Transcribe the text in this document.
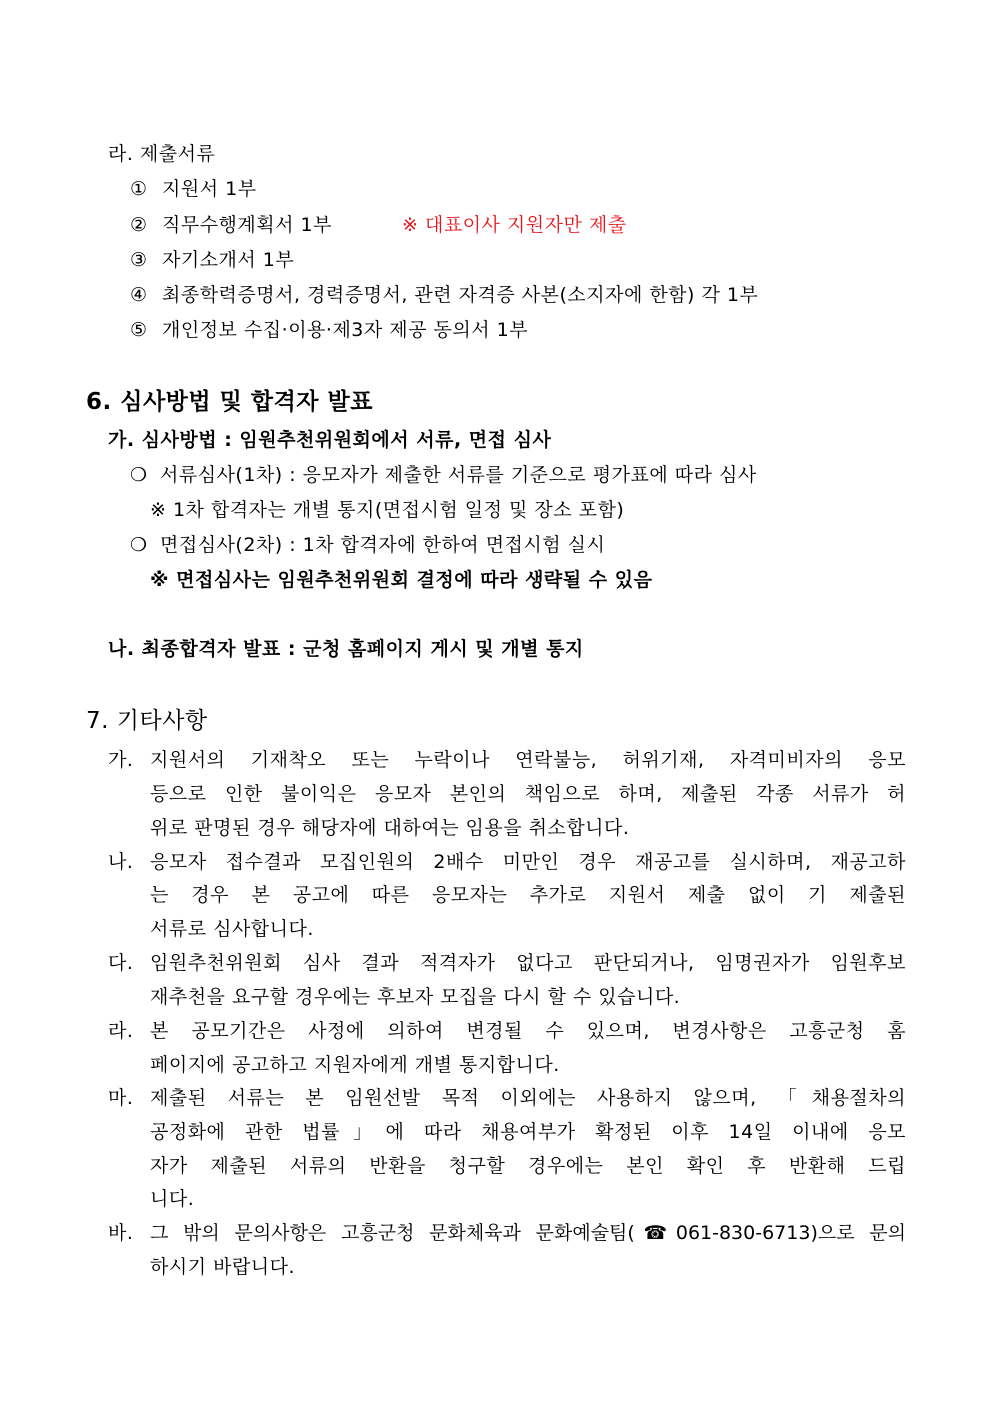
라. 제출서류
① 지원서 1부
② 직무수행계획서 1부	※ 대표이사 지원자만 제출
③ 자기소개서 1부
④ 최종학력증명서, 경력증명서, 관련 자격증 사본(소지자에 한함) 각 1부
⑤ 개인정보 수집·이용·제3자 제공 동의서 1부
6. 심사방법 및 합격자 발표
가. 심사방법 : 임원추천위원회에서 서류, 면접 심사
❍ 서류심사(1차) : 응모자가 제출한 서류를 기준으로 평가표에 따라 심사
※ 1차 합격자는 개별 통지(면접시험 일정 및 장소 포함)
❍ 면접심사(2차) : 1차 합격자에 한하여 면접시험 실시
※ 면접심사는 임원추천위원회 결정에 따라 생략될 수 있음
나. 최종합격자 발표 : 군청 홈페이지 게시 및 개별 통지
7. 기타사항
가. 지원서의 기재착오 또는 누락이나 연락불능, 허위기재, 자격미비자의 응모
등으로 인한 불이익은 응모자 본인의 책임으로 하며, 제출된 각종 서류가 허
위로 판명된 경우 해당자에 대하여는 임용을 취소합니다.
나. 응모자 접수결과 모집인원의 2배수 미만인 경우 재공고를 실시하며, 재공고하
는 경우 본 공고에 따른 응모자는 추가로 지원서 제출 없이 기 제출된
서류로 심사합니다.
다. 임원추천위원회 심사 결과 적격자가 없다고 판단되거나, 임명권자가 임원후보
재추천을 요구할 경우에는 후보자 모집을 다시 할 수 있습니다.
라. 본 공모기간은 사정에 의하여 변경될 수 있으며, 변경사항은 고흥군청 홈
페이지에 공고하고 지원자에게 개별 통지합니다.
마. 제출된 서류는 본 임원선발 목적 이외에는 사용하지 않으며, 「채용절차의
공정화에 관한 법률」에 따라 채용여부가 확정된 이후 14일 이내에 응모
자가 제출된 서류의 반환을 청구할 경우에는 본인 확인 후 반환해 드립
니다.
바. 그 밖의 문의사항은 고흥군청 문화체육과 문화예술팀(☎061-830-6713)으로 문의
하시기 바랍니다.
